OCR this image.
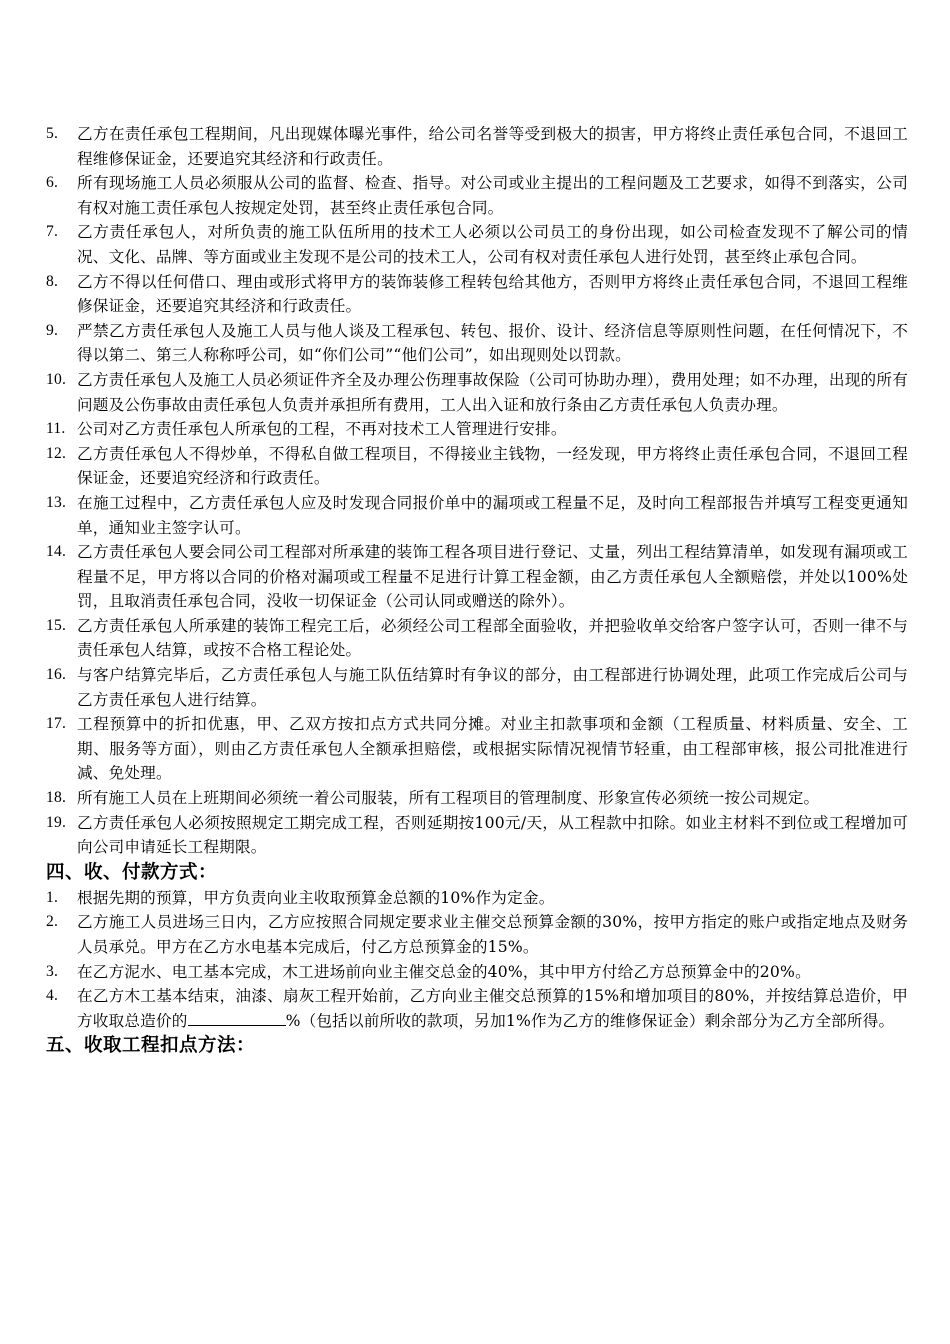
5.	乙方在责任承包工程期间，凡出现媒体曝光事件，给公司名誉等受到极大的损害，甲方将终止责任承包合同，不退回工程维修保证金，还要追究其经济和行政责任。
6.	所有现场施工人员必须服从公司的监督、检查、指导。对公司或业主提出的工程问题及工艺要求，如得不到落实，公司有权对施工责任承包人按规定处罚，甚至终止责任承包合同。
7.	乙方责任承包人，对所负责的施工队伍所用的技术工人必须以公司员工的身份出现，如公司检查发现不了解公司的情况、文化、品牌、等方面或业主发现不是公司的技术工人，公司有权对责任承包人进行处罚，甚至终止承包合同。
8.	乙方不得以任何借口、理由或形式将甲方的装饰装修工程转包给其他方，否则甲方将终止责任承包合同，不退回工程维修保证金，还要追究其经济和行政责任。
9.	严禁乙方责任承包人及施工人员与他人谈及工程承包、转包、报价、设计、经济信息等原则性问题，在任何情况下，不得以第二、第三人称称呼公司，如“你们公司”“他们公司”，如出现则处以罚款。
10. 乙方责任承包人及施工人员必须证件齐全及办理公伤理事故保险（公司可协助办理），费用处理；如不办理，出现的所有问题及公伤事故由责任承包人负责并承担所有费用，工人出入证和放行条由乙方责任承包人负责办理。
11. 公司对乙方责任承包人所承包的工程，不再对技术工人管理进行安排。
12. 乙方责任承包人不得炒单，不得私自做工程项目，不得接业主钱物，一经发现，甲方将终止责任承包合同，不退回工程保证金，还要追究经济和行政责任。
13. 在施工过程中，乙方责任承包人应及时发现合同报价单中的漏项或工程量不足，及时向工程部报告并填写工程变更通知单，通知业主签字认可。
14. 乙方责任承包人要会同公司工程部对所承建的装饰工程各项目进行登记、丈量，列出工程结算清单，如发现有漏项或工程量不足，甲方将以合同的价格对漏项或工程量不足进行计算工程金额，由乙方责任承包人全额赔偿，并处以100%处罚，且取消责任承包合同，没收一切保证金（公司认同或赠送的除外）。
15. 乙方责任承包人所承建的装饰工程完工后，必须经公司工程部全面验收，并把验收单交给客户签字认可，否则一律不与责任承包人结算，或按不合格工程论处。
16. 与客户结算完毕后，乙方责任承包人与施工队伍结算时有争议的部分，由工程部进行协调处理，此项工作完成后公司与乙方责任承包人进行结算。
17. 工程预算中的折扣优惠，甲、乙双方按扣点方式共同分摊。对业主扣款事项和金额（工程质量、材料质量、安全、工期、服务等方面），则由乙方责任承包人全额承担赔偿，或根据实际情况视情节轻重，由工程部审核，报公司批准进行减、免处理。
18. 所有施工人员在上班期间必须统一着公司服装，所有工程项目的管理制度、形象宣传必须统一按公司规定。
19. 乙方责任承包人必须按照规定工期完成工程，否则延期按100元/天，从工程款中扣除。如业主材料不到位或工程增加可向公司申请延长工程期限。
四、收、付款方式：
1.	根据先期的预算，甲方负责向业主收取预算金总额的10%作为定金。
2.	乙方施工人员进场三日内，乙方应按照合同规定要求业主催交总预算金额的30%，按甲方指定的账户或指定地点及财务人员承兑。甲方在乙方水电基本完成后，付乙方总预算金的15%。
3.	在乙方泥水、电工基本完成，木工进场前向业主催交总金的40%，其中甲方付给乙方总预算金中的20%。
4.	在乙方木工基本结束，油漆、扇灰工程开始前，乙方向业主催交总预算的15%和增加项目的80%，并按结算总造价，甲方收取总造价的	%（包括以前所收的款项，另加1%作为乙方的维修保证金）剩余部分为乙方全部所得。
五、收取工程扣点方法：
